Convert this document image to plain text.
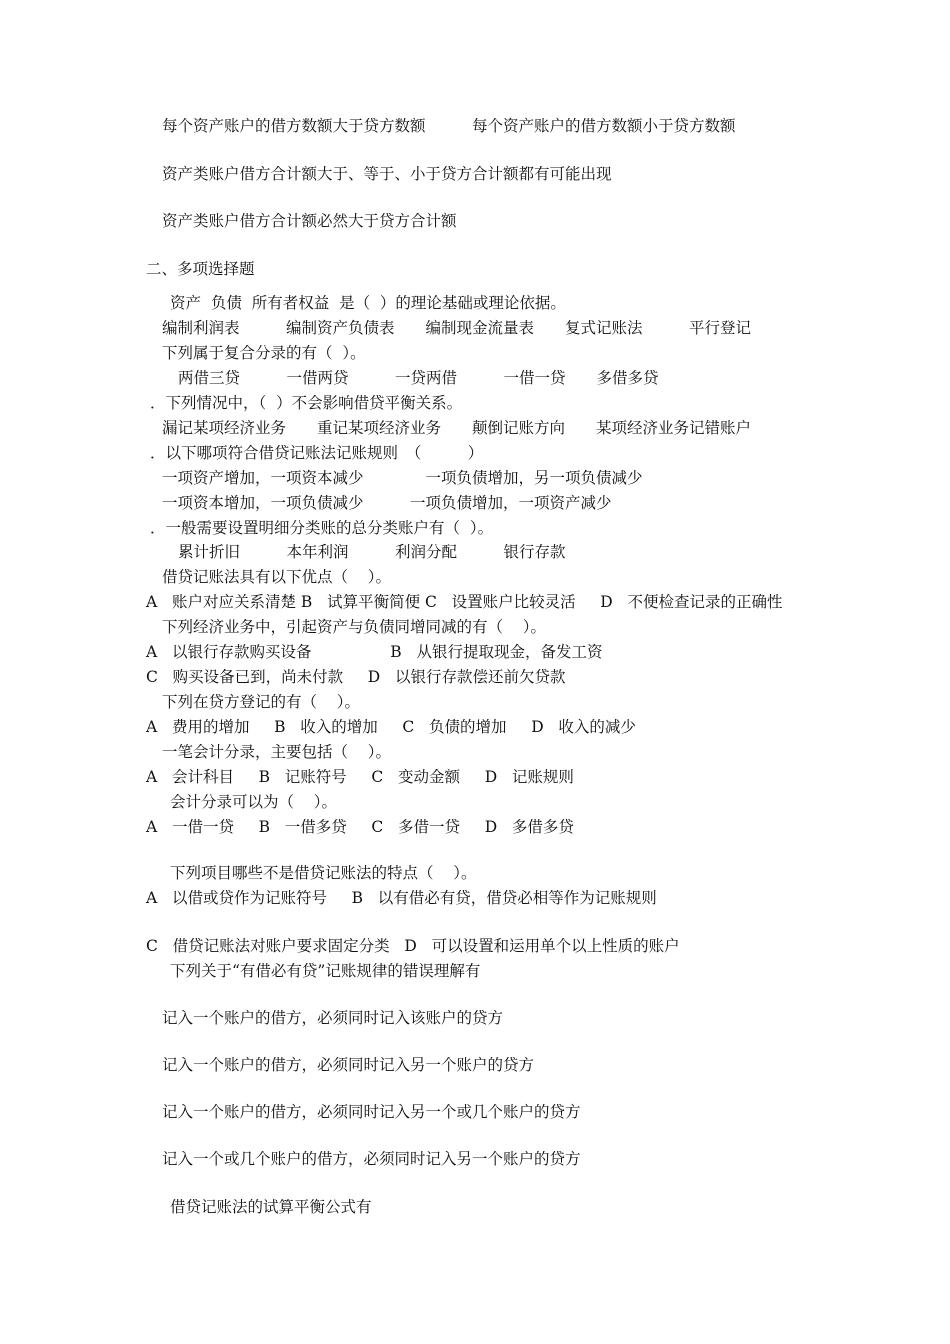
每个资产账户的借方数额大于贷方数额　　　每个资产账户的借方数额小于贷方数额
资产类账户借方合计额大于、等于、小于贷方合计额都有可能出现
资产类账户借方合计额必然大于贷方合计额
二、多项选择题
资产  负债  所有者权益  是（  ）的理论基础或理论依据。
编制利润表　　　编制资产负债表　　编制现金流量表　　复式记账法　　　平行登记
下列属于复合分录的有（  ）。
两借三贷　　　一借两贷　　　一贷两借　　　一借一贷　　多借多贷
．下列情况中，（  ）不会影响借贷平衡关系。
漏记某项经济业务　　重记某项经济业务　　颠倒记账方向　　某项经济业务记错账户
．以下哪项符合借贷记账法记账规则　（　　　）
一项资产增加，一项资本减少　　　　一项负债增加，另一项负债减少
一项资本增加，一项负债减少　　　一项负债增加，一项资产减少
．一般需要设置明细分类账的总分类账户有（  ）。
累计折旧　　　本年利润　　　利润分配　　　银行存款
借贷记账法具有以下优点（    ）。
A   账户对应关系清楚 B   试算平衡简便 C   设置账户比较灵活     D   不便检查记录的正确性
下列经济业务中，引起资产与负债同增同减的有（    ）。
A   以银行存款购买设备                B   从银行提取现金，备发工资
C   购买设备已到，尚未付款     D   以银行存款偿还前欠贷款
下列在贷方登记的有（    ）。
A   费用的增加     B   收入的增加     C   负债的增加     D   收入的减少
一笔会计分录，主要包括（    ）。
A   会计科目     B   记账符号     C   变动金额     D   记账规则
会计分录可以为（    ）。
A   一借一贷     B   一借多贷     C   多借一贷     D   多借多贷
下列项目哪些不是借贷记账法的特点（    ）。
A   以借或贷作为记账符号     B   以有借必有贷，借贷必相等作为记账规则
C   借贷记账法对账户要求固定分类   D   可以设置和运用单个以上性质的账户
下列关于“有借必有贷”记账规律的错误理解有
记入一个账户的借方，必须同时记入该账户的贷方
记入一个账户的借方，必须同时记入另一个账户的贷方
记入一个账户的借方，必须同时记入另一个或几个账户的贷方
记入一个或几个账户的借方，必须同时记入另一个账户的贷方
借贷记账法的试算平衡公式有
